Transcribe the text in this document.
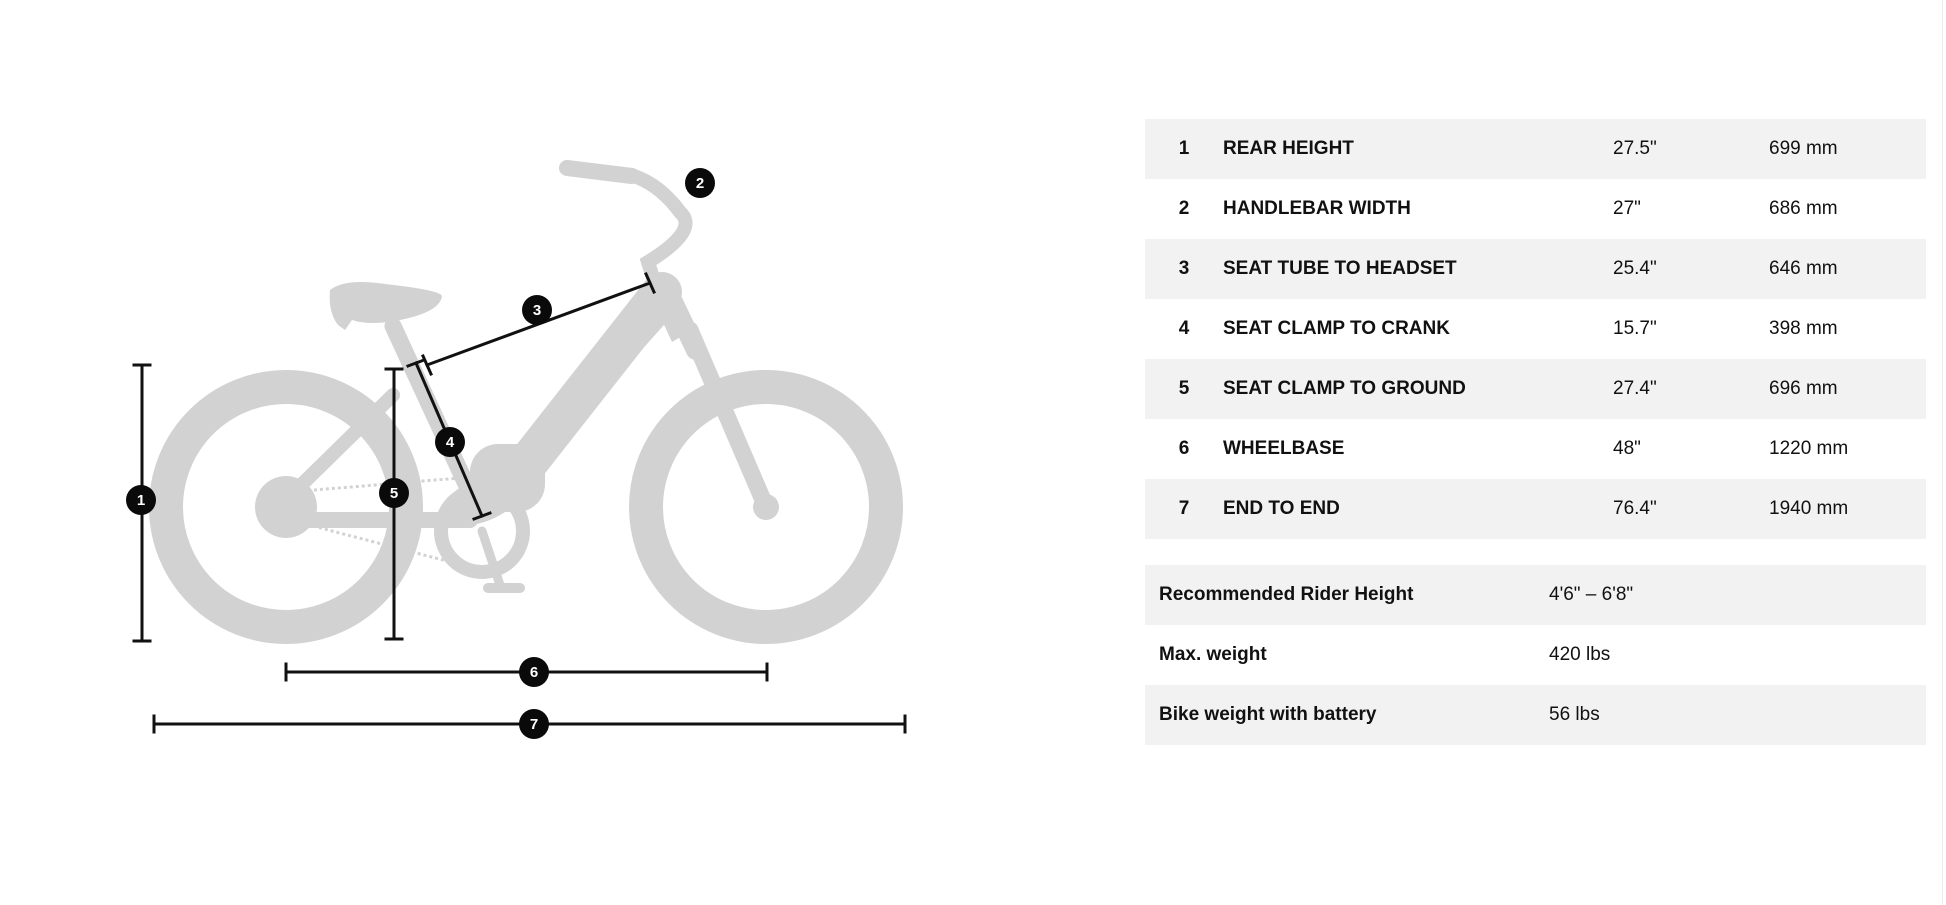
1
2
3
4
5
6
7
1	REAR HEIGHT	27.5"	699 mm
2	HANDLEBAR WIDTH	27"	686 mm
3	SEAT TUBE TO HEADSET	25.4"	646 mm
4	SEAT CLAMP TO CRANK	15.7"	398 mm
5	SEAT CLAMP TO GROUND	27.4"	696 mm
6	WHEELBASE	48"	1220 mm
7	END TO END	76.4"	1940 mm
Recommended Rider Height	4'6" – 6'8"
Max. weight	420 lbs
Bike weight with battery	56 lbs
